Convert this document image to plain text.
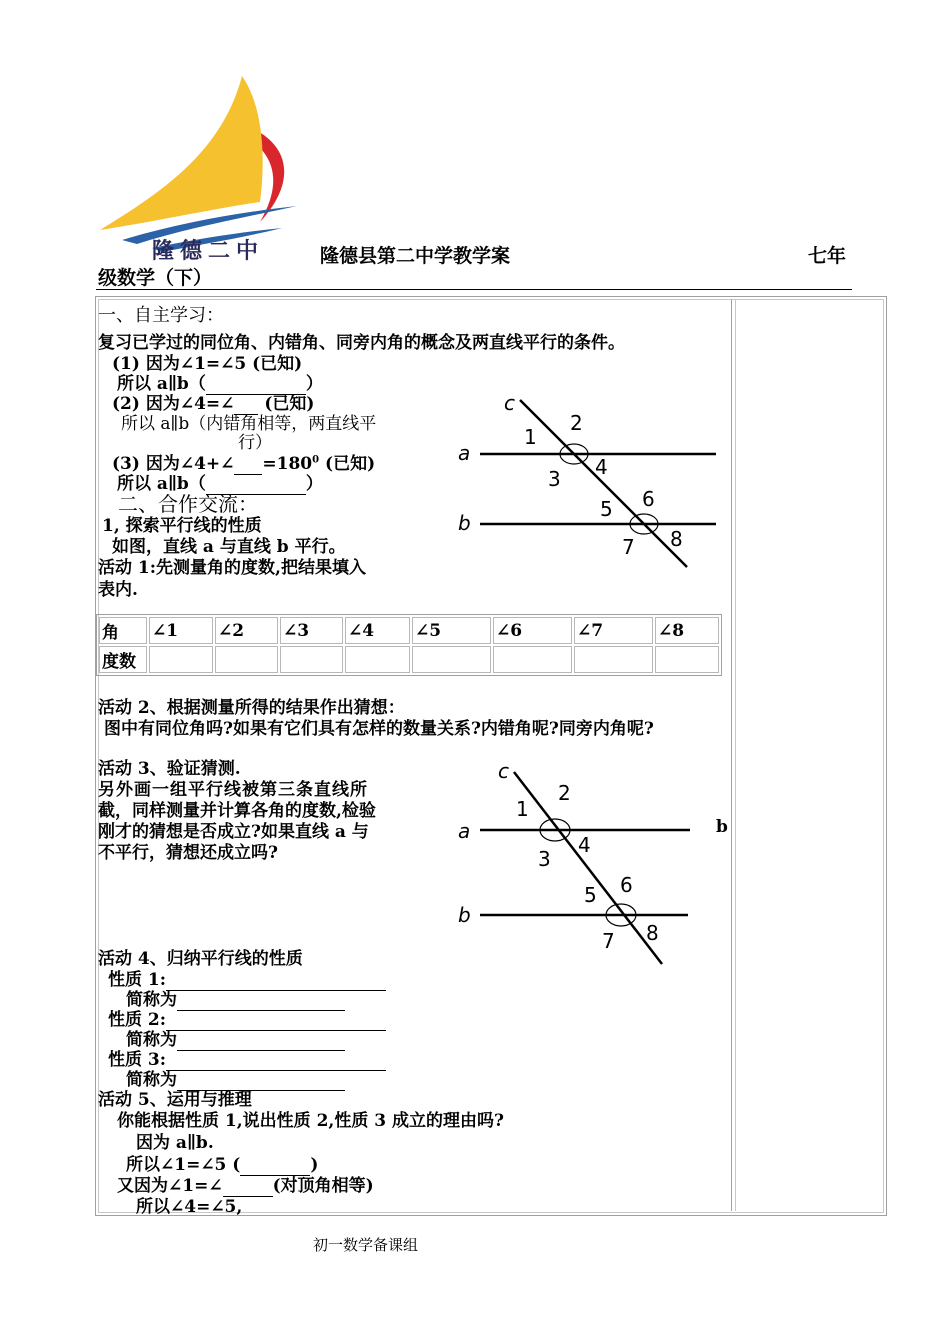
隆德二中	隆德县第二中学教学案	七年
级数学（下）
一、自主学习：
复习已学过的同位角、内错角、同旁内角的概念及两直线平行的条件。
(1) 因为∠1=∠5 (已知)
所以 a∥b（	）
(2) 因为∠4=∠  (已知)
所以 a∥b（内错角相等，两直线平
行）
(3) 因为∠4+∠ $=180^0$ (已知)
所以 a∥b（	）
二、合作交流：
1, 探索平行线的性质
如图，直线 a 与直线 b 平行。
活动 1:先测量角的度数,把结果填入
表内.
c
a
b
1
2
3 4
5 6
7 8
角	∠1	∠2	∠3	∠4	∠5	∠6	∠7	∠8
度数								
活动 2、根据测量所得的结果作出猜想：
图中有同位角吗?如果有它们具有怎样的数量关系?内错角呢?同旁内角呢?
活动 3、验证猜测.
另外画一组平行线被第三条直线所
截，同样测量并计算各角的度数,检验
刚才的猜想是否成立?如果直线 a 与
不平行，猜想还成立吗?
b
c
a
b
1
2
3
4
5 6
7 8
活动 4、归纳平行线的性质
性质 1:
简称为
性质 2:
简称为
性质 3:
简称为
活动 5、运用与推理
你能根据性质 1,说出性质 2,性质 3 成立的理由吗?
因为 a∥b.
所以∠1=∠5 (	)
又因为∠1=∠	(对顶角相等)
所以∠4=∠5,
初一数学备课组
